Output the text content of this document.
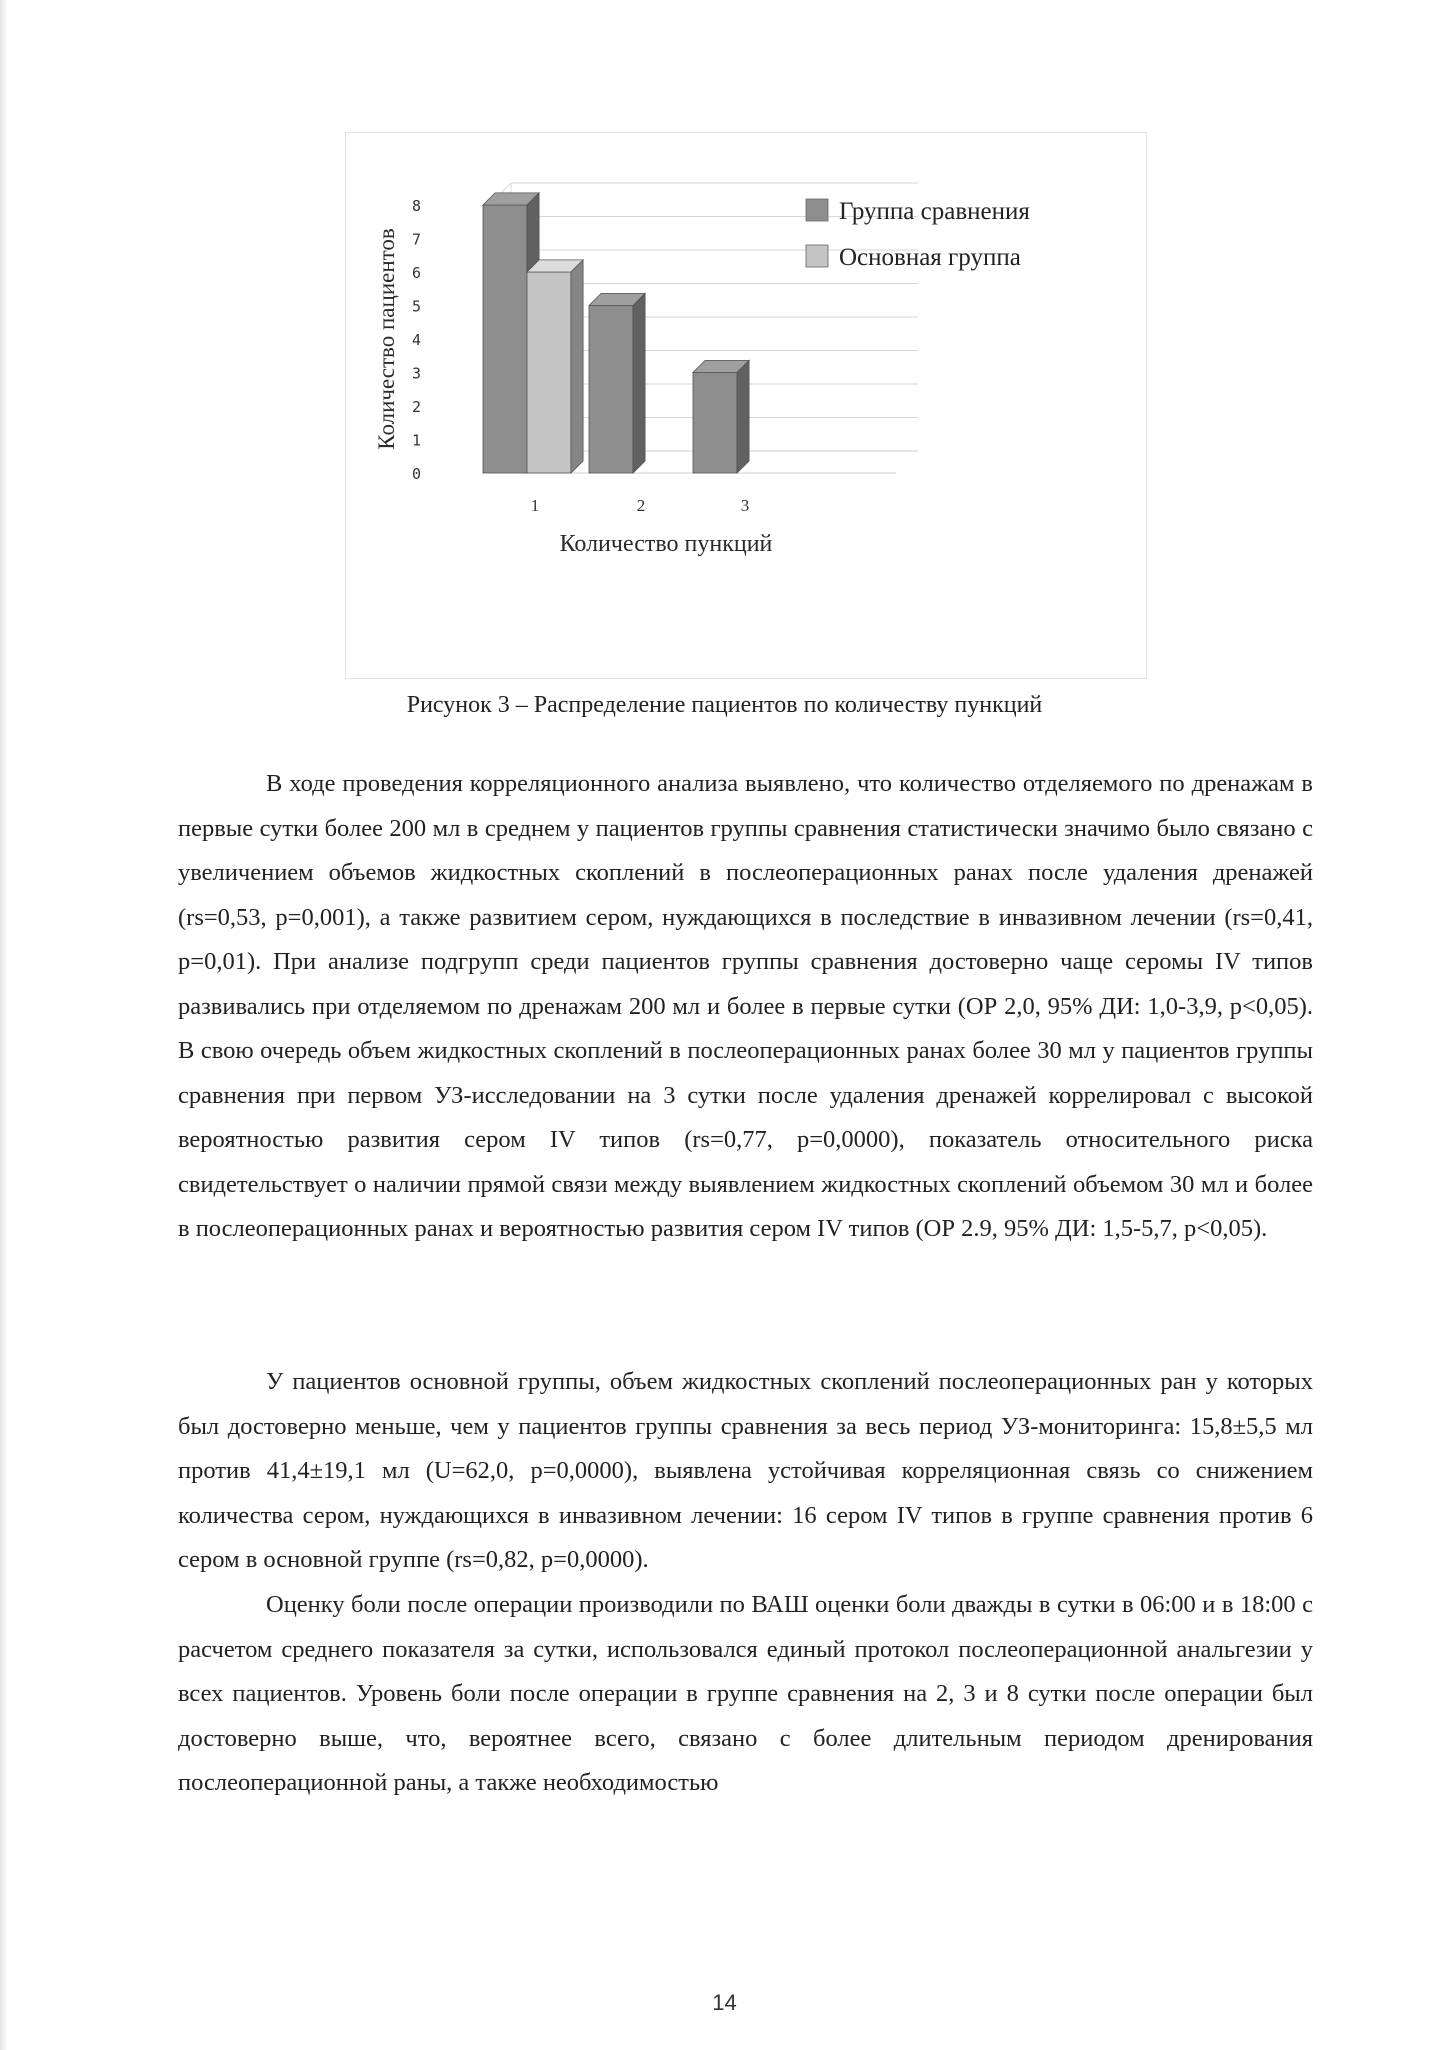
0
1
2
3
4
5
6
7
8
Количество пациентов
1	2	3
Количество пункций
Группа сравнения
Основная группа
Рисунок 3 – Распределение пациентов по количеству пункций

В ходе проведения корреляционного анализа выявлено, что количество отделяемого по дренажам в первые сутки более 200 мл в среднем у пациентов группы сравнения статистически значимо было связано с увеличением объемов жидкостных скоплений в послеоперационных ранах после удаления дренажей (rs=0,53, p=0,001), а также развитием сером, нуждающихся в последствие в инвазивном лечении (rs=0,41, p=0,01). При анализе подгрупп среди пациентов группы сравнения достоверно чаще серомы IV типов развивались при отделяемом по дренажам 200 мл и более в первые сутки (ОР 2,0, 95% ДИ: 1,0-3,9, p<0,05). В свою очередь объем жидкостных скоплений в послеоперационных ранах более 30 мл у пациентов группы сравнения при первом УЗ-исследовании на 3 сутки после удаления дренажей коррелировал с высокой вероятностью развития сером IV типов (rs=0,77, p=0,0000), показатель относительного риска свидетельствует о наличии прямой связи между выявлением жидкостных скоплений объемом 30 мл и более в послеоперационных ранах и вероятностью развития сером IV типов (ОР 2.9, 95% ДИ: 1,5-5,7, p<0,05).

У пациентов основной группы, объем жидкостных скоплений послеоперационных ран у которых был достоверно меньше, чем у пациентов группы сравнения за весь период УЗ-мониторинга: 15,8±5,5 мл против 41,4±19,1 мл (U=62,0, p=0,0000), выявлена устойчивая корреляционная связь со снижением количества сером, нуждающихся в инвазивном лечении: 16 сером IV типов в группе сравнения против 6 сером в основной группе (rs=0,82, p=0,0000).

Оценку боли после операции производили по ВАШ оценки боли дважды в сутки в 06:00 и в 18:00 с расчетом среднего показателя за сутки, использовался единый протокол послеоперационной анальгезии у всех пациентов. Уровень боли после операции в группе сравнения на 2, 3 и 8 сутки после операции был достоверно выше, что, вероятнее всего, связано с более длительным периодом дренирования послеоперационной раны, а также необходимостью

14
